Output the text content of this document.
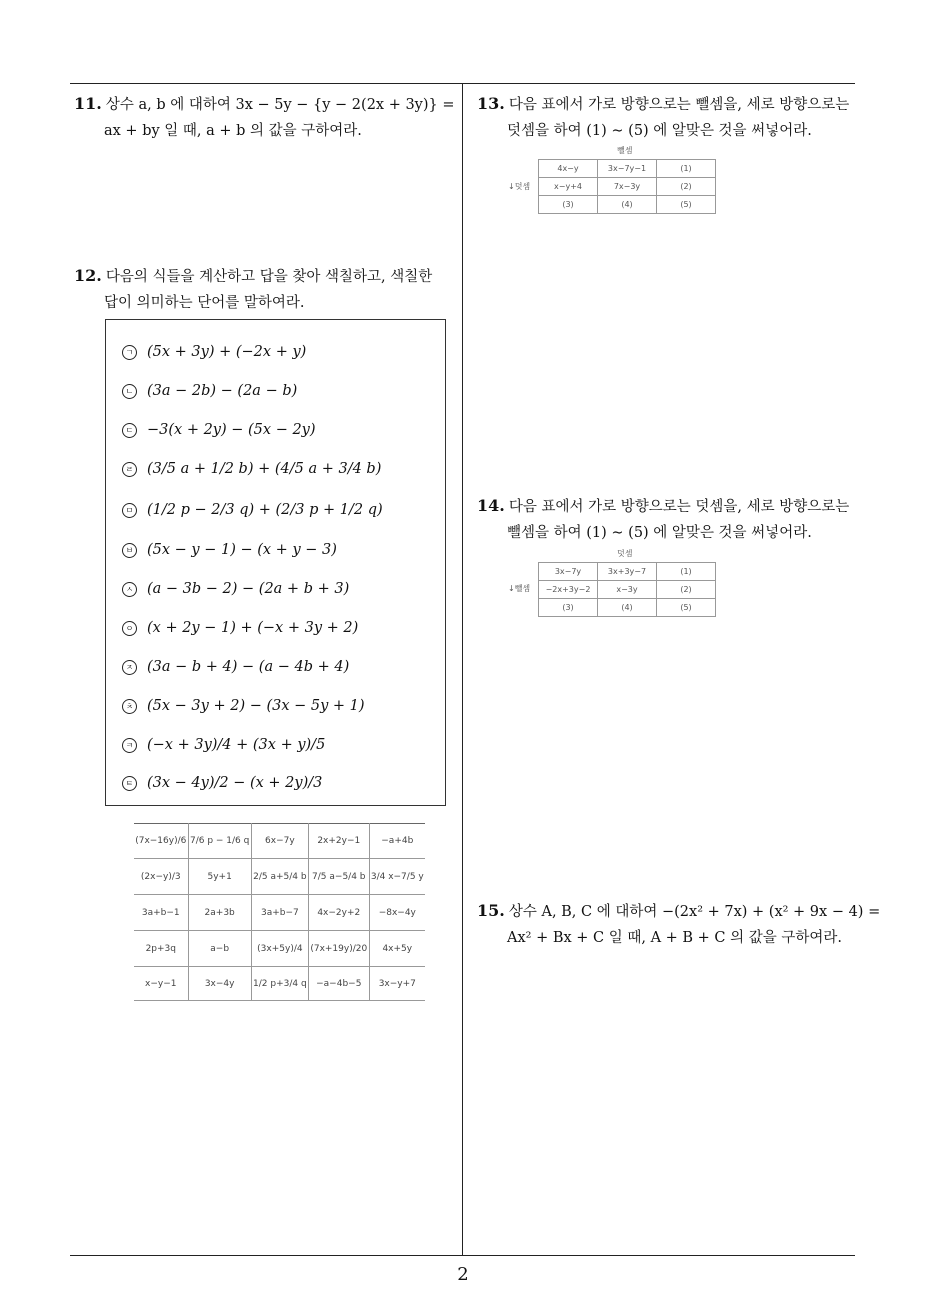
11. 상수 a, b 에 대하여 3x − 5y − {y − 2(2x + 3y)} =
ax + by 일 때, a + b 의 값을 구하여라.
12. 다음의 식들을 계산하고 답을 찾아 색칠하고, 색칠한
답이 의미하는 단어를 말하여라.
ㄱ (5x + 3y) + (−2x + y)
ㄴ (3a − 2b) − (2a − b)
ㄷ −3(x + 2y) − (5x − 2y)
ㄹ (3/5 a + 1/2 b) + (4/5 a + 3/4 b)
ㅁ (1/2 p − 2/3 q) + (2/3 p + 1/2 q)
ㅂ (5x − y − 1) − (x + y − 3)
ㅅ (a − 3b − 2) − (2a + b + 3)
ㅇ (x + 2y − 1) + (−x + 3y + 2)
ㅈ (3a − b + 4) − (a − 4b + 4)
ㅊ (5x − 3y + 2) − (3x − 5y + 1)
ㅋ (−x + 3y)/4 + (3x + y)/5
ㅌ (3x − 4y)/2 − (x + 2y)/3
(7x−16y)/6	7/6 p − 1/6 q	6x−7y	2x+2y−1	−a+4b
(2x−y)/3	5y+1	2/5 a+5/4 b	7/5 a−5/4 b	3/4 x−7/5 y
3a+b−1	2a+3b	3a+b−7	4x−2y+2	−8x−4y
2p+3q	a−b	(3x+5y)/4	(7x+19y)/20	4x+5y
x−y−1	3x−4y	1/2 p+3/4 q	−a−4b−5	3x−y+7
13. 다음 표에서 가로 방향으로는 뺄셈을, 세로 방향으로는
덧셈을 하여 (1) ∼ (5) 에 알맞은 것을 써넣어라.
뺄셈
↓덧셈
4x−y	3x−7y−1	(1)
x−y+4	7x−3y	(2)
(3)	(4)	(5)
14. 다음 표에서 가로 방향으로는 덧셈을, 세로 방향으로는
뺄셈을 하여 (1) ∼ (5) 에 알맞은 것을 써넣어라.
덧셈
↓뺄셈
3x−7y	3x+3y−7	(1)
−2x+3y−2	x−3y	(2)
(3)	(4)	(5)
15. 상수 A, B, C 에 대하여 −(2x² + 7x) + (x² + 9x − 4) =
Ax² + Bx + C 일 때, A + B + C 의 값을 구하여라.
2
